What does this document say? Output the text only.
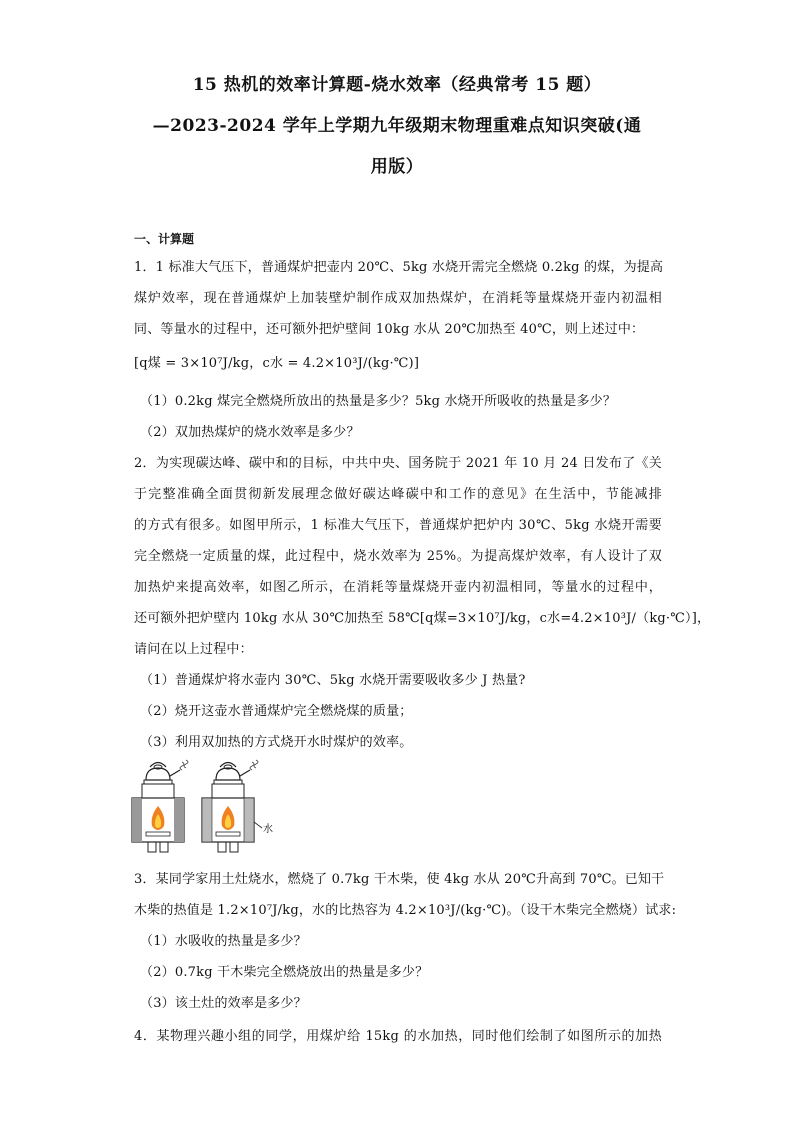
15 热机的效率计算题-烧水效率（经典常考 15 题）
—2023-2024 学年上学期九年级期末物理重难点知识突破(通
用版）
一、计算题
1．1 标准大气压下，普通煤炉把壶内 20℃、5kg 水烧开需完全燃烧 0.2kg 的煤，为提高
煤炉效率，现在普通煤炉上加装壁炉制作成双加热煤炉，在消耗等量煤烧开壶内初温相
同、等量水的过程中，还可额外把炉壁间 10kg 水从 20℃加热至 40℃，则上述过中：
[q煤 = 3×10⁷J/kg，c水 = 4.2×10³J/(kg·℃)]
（1）0.2kg 煤完全燃烧所放出的热量是多少？5kg 水烧开所吸收的热量是多少？
（2）双加热煤炉的烧水效率是多少？
2．为实现碳达峰、碳中和的目标，中共中央、国务院于 2021 年 10 月 24 日发布了《关
于完整准确全面贯彻新发展理念做好碳达峰碳中和工作的意见》在生活中，节能减排
的方式有很多。如图甲所示，1 标准大气压下，普通煤炉把炉内 30℃、5kg 水烧开需要
完全燃烧一定质量的煤，此过程中，烧水效率为 25%。为提高煤炉效率，有人设计了双
加热炉来提高效率，如图乙所示，在消耗等量煤烧开壶内初温相同，等量水的过程中，
还可额外把炉壁内 10kg 水从 30℃加热至 58℃[q煤=3×10⁷J/kg，c水=4.2×10³J/（kg·℃）]，
请问在以上过程中：
（1）普通煤炉将水壶内 30℃、5kg 水烧开需要吸收多少 J 热量?
（2）烧开这壶水普通煤炉完全燃烧煤的质量；
（3）利用双加热的方式烧开水时煤炉的效率。
水
3．某同学家用土灶烧水，燃烧了 0.7kg 干木柴，使 4kg 水从 20℃升高到 70℃。已知干
木柴的热值是 1.2×10⁷J/kg，水的比热容为 4.2×10³J/(kg·℃)。（设干木柴完全燃烧）试求:
（1）水吸收的热量是多少？
（2）0.7kg 干木柴完全燃烧放出的热量是多少？
（3）该土灶的效率是多少？
4．某物理兴趣小组的同学，用煤炉给 15kg 的水加热，同时他们绘制了如图所示的加热
